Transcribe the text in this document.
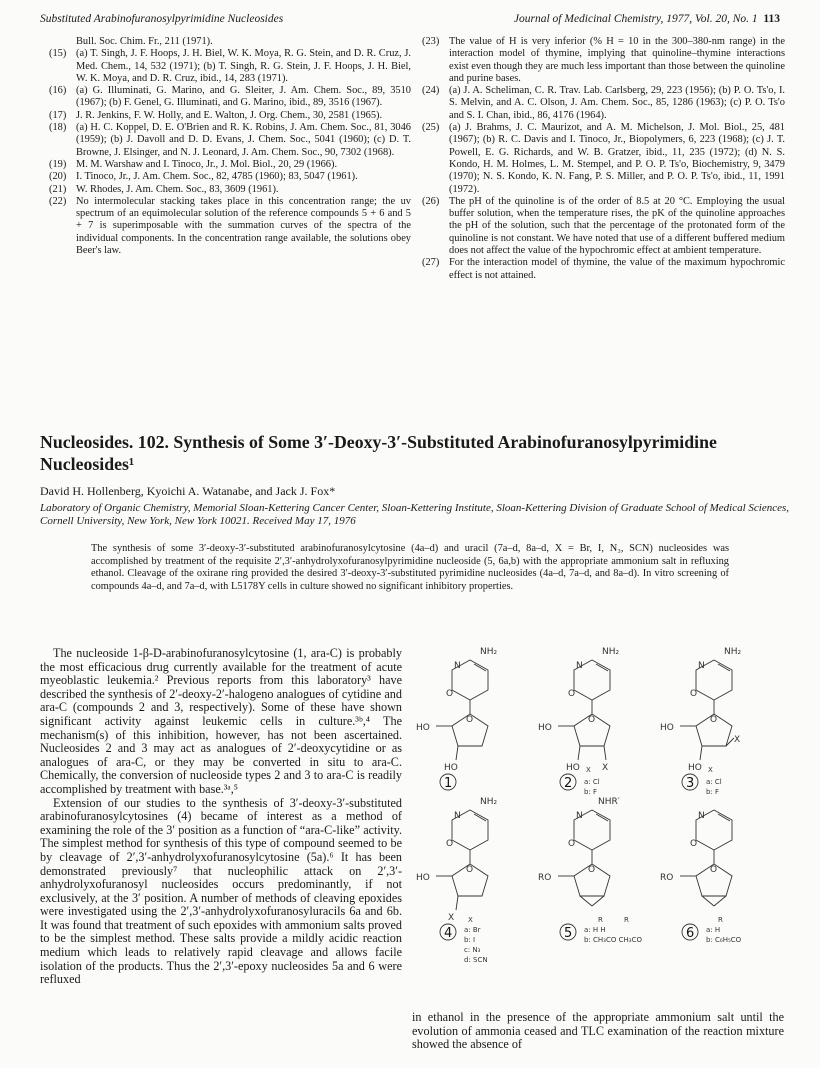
Substituted Arabinofuranosylpyrimidine Nucleosides	Journal of Medicinal Chemistry, 1977, Vol. 20, No. 1 113
Bull. Soc. Chim. Fr., 211 (1971).
(15) (a) T. Singh, J. F. Hoops, J. H. Biel, W. K. Moya, R. G. Stein, and D. R. Cruz, J. Med. Chem., 14, 532 (1971); (b) T. Singh, R. G. Stein, J. F. Hoops, J. H. Biel, W. K. Moya, and D. R. Cruz, ibid., 14, 283 (1971).
(16) (a) G. Illuminati, G. Marino, and G. Sleiter, J. Am. Chem. Soc., 89, 3510 (1967); (b) F. Genel, G. Illuminati, and G. Marino, ibid., 89, 3516 (1967).
(17) J. R. Jenkins, F. W. Holly, and E. Walton, J. Org. Chem., 30, 2581 (1965).
(18) (a) H. C. Koppel, D. E. O'Brien and R. K. Robins, J. Am. Chem. Soc., 81, 3046 (1959); (b) J. Davoll and D. D. Evans, J. Chem. Soc., 5041 (1960); (c) D. T. Browne, J. Elsinger, and N. J. Leonard, J. Am. Chem. Soc., 90, 7302 (1968).
(19) M. M. Warshaw and I. Tinoco, Jr., J. Mol. Biol., 20, 29 (1966).
(20) I. Tinoco, Jr., J. Am. Chem. Soc., 82, 4785 (1960); 83, 5047 (1961).
(21) W. Rhodes, J. Am. Chem. Soc., 83, 3609 (1961).
(22) No intermolecular stacking takes place in this concentration range; the uv spectrum of an equimolecular solution of the reference compounds 5 + 6 and 5 + 7 is superimposable with the summation curves of the spectra of the individual components. In the concentration range available, the solutions obey Beer's law.
(23) The value of H is very inferior (% H = 10 in the 300–380-nm range) in the interaction model of thymine, implying that quinoline–thymine interactions exist even though they are much less important than those between the quinoline and purine bases.
(24) (a) J. A. Scheliman, C. R. Trav. Lab. Carlsberg, 29, 223 (1956); (b) P. O. Ts'o, I. S. Melvin, and A. C. Olson, J. Am. Chem. Soc., 85, 1286 (1963); (c) P. O. Ts'o and S. I. Chan, ibid., 86, 4176 (1964).
(25) (a) J. Brahms, J. C. Maurizot, and A. M. Michelson, J. Mol. Biol., 25, 481 (1967); (b) R. C. Davis and I. Tinoco, Jr., Biopolymers, 6, 223 (1968); (c) J. T. Powell, E. G. Richards, and W. B. Gratzer, ibid., 11, 235 (1972); (d) N. S. Kondo, H. M. Holmes, L. M. Stempel, and P. O. P. Ts'o, Biochemistry, 9, 3479 (1970); N. S. Kondo, K. N. Fang, P. S. Miller, and P. O. P. Ts'o, ibid., 11, 1991 (1972).
(26) The pH of the quinoline is of the order of 8.5 at 20 °C. Employing the usual buffer solution, when the temperature rises, the pK of the quinoline approaches the pH of the solution, such that the percentage of the protonated form of the quinoline is not constant. We have noted that use of a different buffered medium does not affect the value of the hypochromic effect at ambient temperature.
(27) For the interaction model of thymine, the value of the maximum hypochromic effect is not attained.
Nucleosides. 102. Synthesis of Some 3′-Deoxy-3′-Substituted Arabinofuranosylpyrimidine Nucleosides¹
David H. Hollenberg, Kyoichi A. Watanabe, and Jack J. Fox*
Laboratory of Organic Chemistry, Memorial Sloan-Kettering Cancer Center, Sloan-Kettering Institute, Sloan-Kettering Division of Graduate School of Medical Sciences, Cornell University, New York, New York 10021. Received May 17, 1976
The synthesis of some 3′-deoxy-3′-substituted arabinofuranosylcytosine (4a–d) and uracil (7a–d, 8a–d, X = Br, I, N₃, SCN) nucleosides was accomplished by treatment of the requisite 2′,3′-anhydrolyxofuranosylpyrimidine nucleoside (5, 6a,b) with the appropriate ammonium salt in refluxing ethanol. Cleavage of the oxirane ring provided the desired 3′-deoxy-3′-substituted pyrimidine nucleosides (4a–d, 7a–d, and 8a–d). In vitro screening of compounds 4a–d, and 7a–d, with L5178Y cells in culture showed no significant inhibitory properties.

The nucleoside 1-β-D-arabinofuranosylcytosine (1, ara-C) is probably the most efficacious drug currently available for the treatment of acute myeoblastic leukemia.² Previous reports from this laboratory³ have described the synthesis of 2′-deoxy-2′-halogeno analogues of cytidine and ara-C (compounds 2 and 3, respectively). Some of these have shown significant activity against leukemic cells in culture.³ᵇ,⁴ The mechanism(s) of this inhibition, however, has not been ascertained. Nucleosides 2 and 3 may act as analogues of 2′-deoxycytidine or as analogues of ara-C, or they may be converted in situ to ara-C. Chemically, the conversion of nucleoside types 2 and 3 to ara-C is readily accomplished by treatment with base.³ᵃ,⁵

Extension of our studies to the synthesis of 3′-deoxy-3′-substituted arabinofuranosylcytosines (4) became of interest as a method of examining the role of the 3′ position as a function of “ara-C-like” activity. The simplest method for synthesis of this type of compound seemed to be by cleavage of 2′,3′-anhydrolyxofuranosylcytosine (5a).⁶ It has been demonstrated previously⁷ that nucleophilic attack on 2′,3′-anhydrolyxofuranosyl nucleosides occurs predominantly, if not exclusively, at the 3′ position. A number of methods of cleaving epoxides were investigated using the 2′,3′-anhydrolyxofuranosyluracils 6a and 6b. It was found that treatment of such epoxides with ammonium salts proved to be the simplest method. These salts provide a mildly acidic reaction medium which leads to relatively rapid cleavage and allows facile isolation of the products. Thus the 2′,3′-epoxy nucleosides 5a and 6 were refluxed

in ethanol in the presence of the appropriate ammonium salt until the evolution of ammonia ceased and TLC examination of the reaction mixture showed the absence of
NH₂
N
O
HO
O
HO
NH₂
N
O
HO
O
HO X
NH₂
N
O
HO
O
HO
X
NH₂
N
O
HO
O
X
NHR′
N
O
RO
O
N
O
RO
O
1	2	3
4	5	6
X
a: Cl
b: F
X
a: Cl
b: F
X
a: Br
b: I
c: N₃
d: SCN
R	R
a: H H
b: CH₃CO CH₃CO
R
a: H
b: C₆H₅CO
